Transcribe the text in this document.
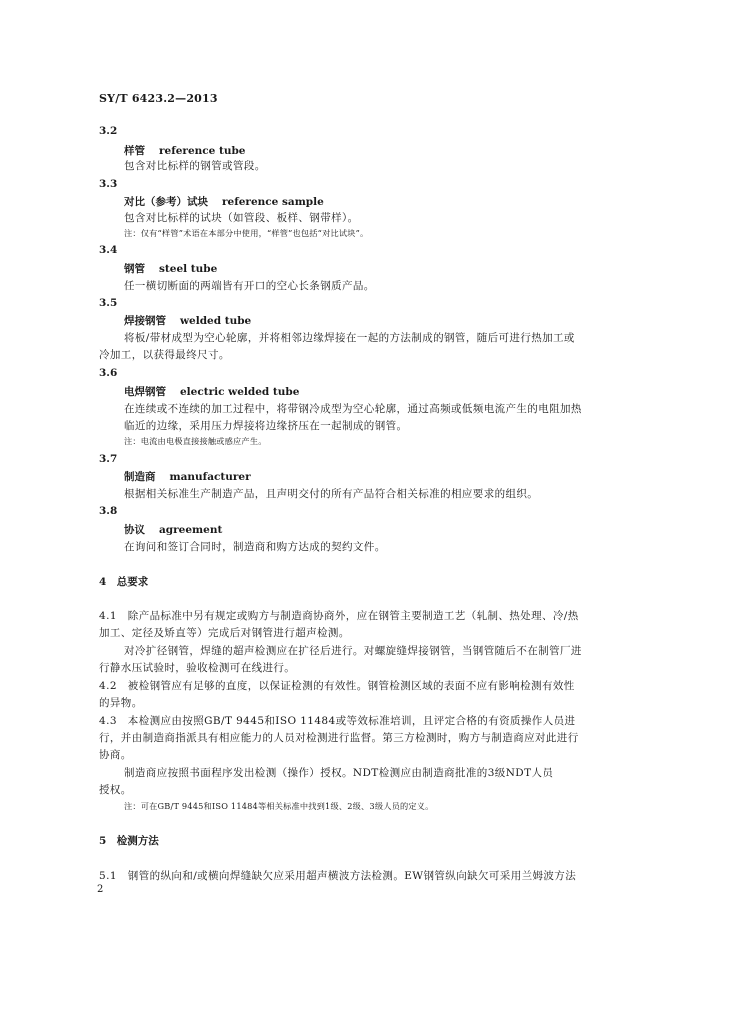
SY/T 6423.2—2013
3.2
样管 reference tube
包含对比标样的钢管或管段。
3.3
对比（参考）试块 reference sample
包含对比标样的试块（如管段、板样、钢带样）。
注：仅有“样管”术语在本部分中使用，“样管”也包括“对比试块”。
3.4
钢管 steel tube
任一横切断面的两端皆有开口的空心长条钢质产品。
3.5
焊接钢管 welded tube
将板/带材成型为空心轮廓，并将相邻边缘焊接在一起的方法制成的钢管，随后可进行热加工或
冷加工，以获得最终尺寸。
3.6
电焊钢管 electric welded tube
在连续或不连续的加工过程中，将带钢冷成型为空心轮廓，通过高频或低频电流产生的电阻加热
临近的边缘，采用压力焊接将边缘挤压在一起制成的钢管。
注：电流由电极直接接触或感应产生。
3.7
制造商 manufacturer
根据相关标准生产制造产品，且声明交付的所有产品符合相关标准的相应要求的组织。
3.8
协议 agreement
在询问和签订合同时，制造商和购方达成的契约文件。
4　总要求
4.1　除产品标准中另有规定或购方与制造商协商外，应在钢管主要制造工艺（轧制、热处理、冷/热
加工、定径及矫直等）完成后对钢管进行超声检测。
对冷扩径钢管，焊缝的超声检测应在扩径后进行。对螺旋缝焊接钢管，当钢管随后不在制管厂进
行静水压试验时，验收检测可在线进行。
4.2　被检钢管应有足够的直度，以保证检测的有效性。钢管检测区域的表面不应有影响检测有效性
的异物。
4.3　本检测应由按照GB/T 9445和ISO 11484或等效标准培训，且评定合格的有资质操作人员进
行，并由制造商指派具有相应能力的人员对检测进行监督。第三方检测时，购方与制造商应对此进行
协商。
制造商应按照书面程序发出检测（操作）授权。NDT检测应由制造商批准的3级NDT人员
授权。
注：可在GB/T 9445和ISO 11484等相关标准中找到1级、2级、3级人员的定义。
5　检测方法
5.1　钢管的纵向和/或横向焊缝缺欠应采用超声横波方法检测。EW钢管纵向缺欠可采用兰姆波方法
2
